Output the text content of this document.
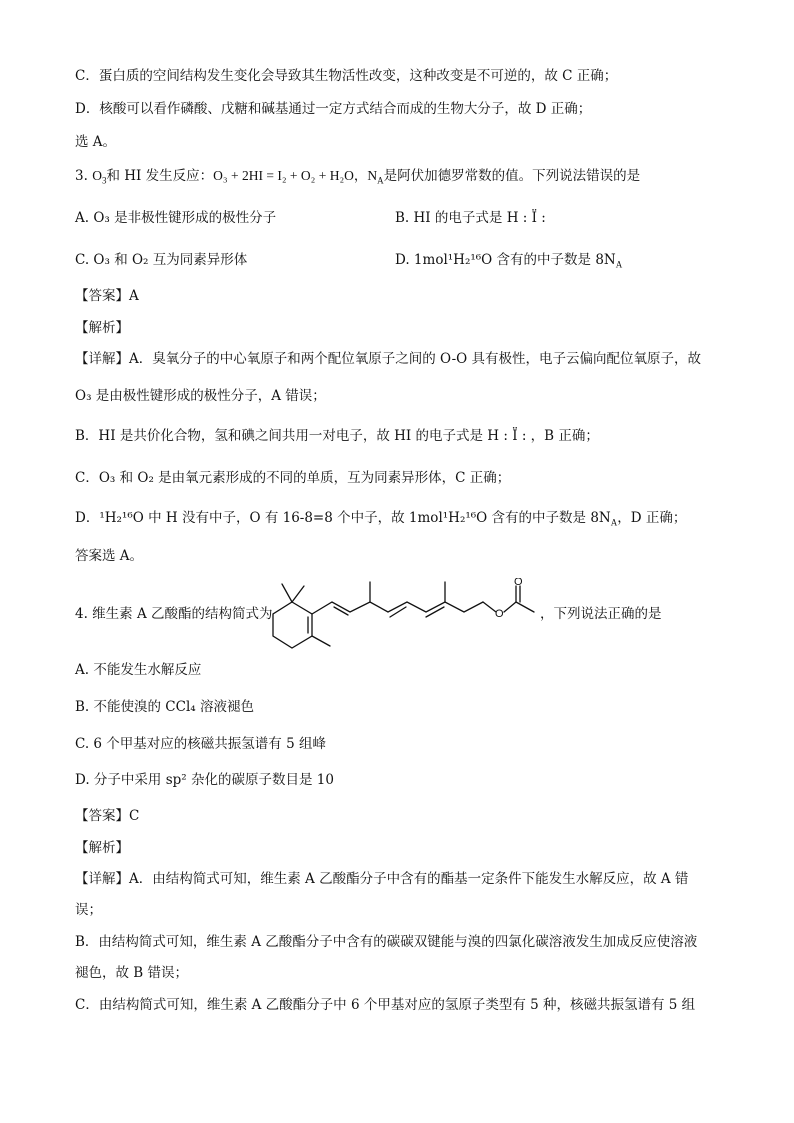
C．蛋白质的空间结构发生变化会导致其生物活性改变，这种改变是不可逆的，故 C 正确；
D．核酸可以看作磷酸、戊糖和碱基通过一定方式结合而成的生物大分子，故 D 正确；
选 A。
3. $O_3$和 HI 发生反应：O₃ + 2HI = I₂ + O₂ + H₂O，$N_A$是阿伏加德罗常数的值。下列说法错误的是
A. O₃ 是非极性键形成的极性分子	B. HI 的电子式是 H : Ï :
C. O₃ 和 O₂ 互为同素异形体	D. 1mol¹H₂¹⁶O 含有的中子数是 $8N_A$
【答案】A
【解析】
【详解】A．臭氧分子的中心氧原子和两个配位氧原子之间的 O-O 具有极性，电子云偏向配位氧原子，故
O₃ 是由极性键形成的极性分子，A 错误；
B．HI 是共价化合物，氢和碘之间共用一对电子，故 HI 的电子式是 H : Ï : ，B 正确；
C．O₃ 和 O₂ 是由氧元素形成的不同的单质，互为同素异形体，C 正确；
D．¹H₂¹⁶O 中 H 没有中子，O 有 16-8=8 个中子，故 1mol¹H₂¹⁶O 含有的中子数是 $8N_A$，D 正确；
答案选 A。
4. 维生素 A 乙酸酯的结构简式为	O
O
，下列说法正确的是
A. 不能发生水解反应
B. 不能使溴的 CCl₄ 溶液褪色
C. 6 个甲基对应的核磁共振氢谱有 5 组峰
D. 分子中采用 sp² 杂化的碳原子数目是 10
【答案】C
【解析】
【详解】A．由结构简式可知，维生素 A 乙酸酯分子中含有的酯基一定条件下能发生水解反应，故 A 错
误；
B．由结构简式可知，维生素 A 乙酸酯分子中含有的碳碳双键能与溴的四氯化碳溶液发生加成反应使溶液
褪色，故 B 错误；
C．由结构简式可知，维生素 A 乙酸酯分子中 6 个甲基对应的氢原子类型有 5 种，核磁共振氢谱有 5 组
